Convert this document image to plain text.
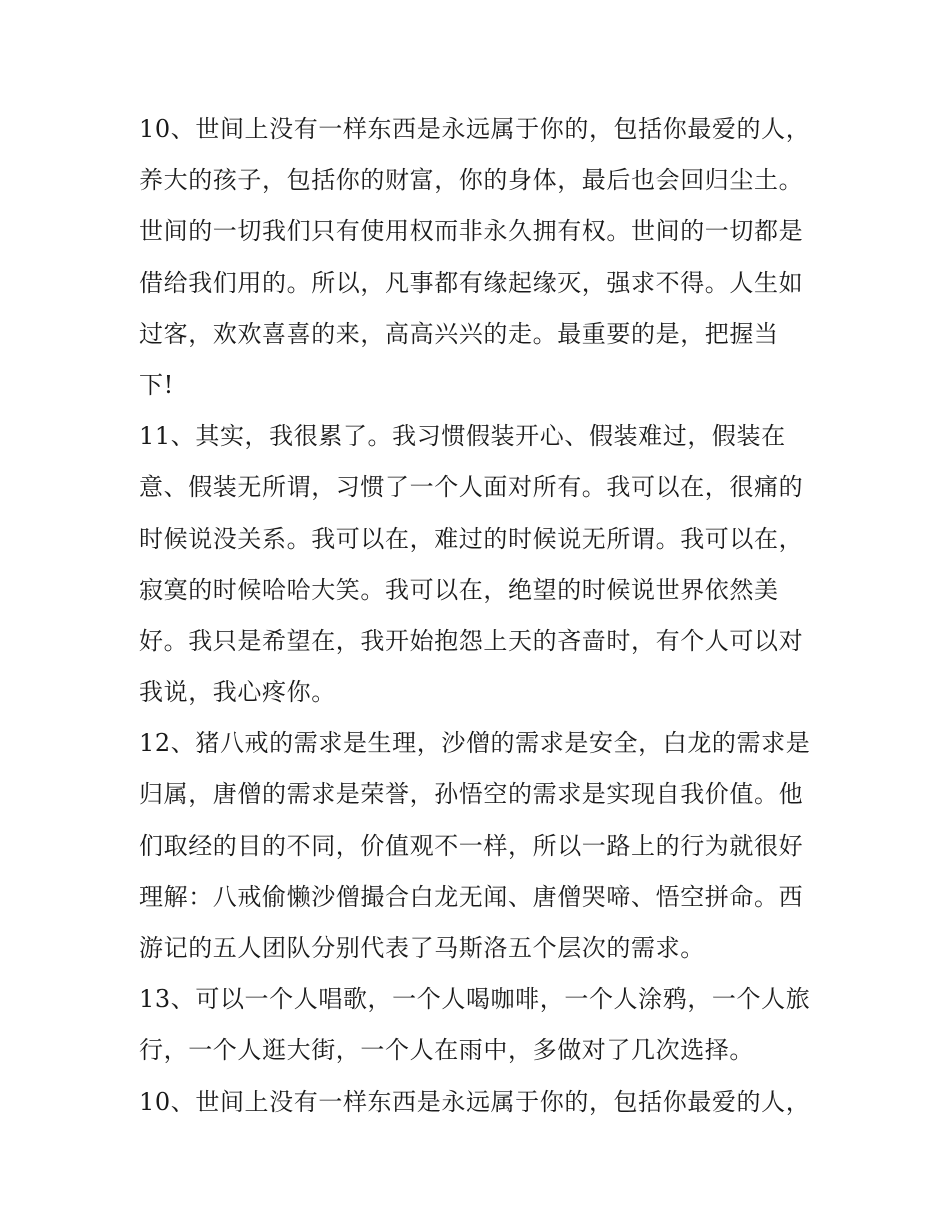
10、世间上没有一样东西是永远属于你的，包括你最爱的人，
养大的孩子，包括你的财富，你的身体，最后也会回归尘土。
世间的一切我们只有使用权而非永久拥有权。世间的一切都是
借给我们用的。所以，凡事都有缘起缘灭，强求不得。人生如
过客，欢欢喜喜的来，高高兴兴的走。最重要的是，把握当
下!
11、其实，我很累了。我习惯假装开心、假装难过，假装在
意、假装无所谓，习惯了一个人面对所有。我可以在，很痛的
时候说没关系。我可以在，难过的时候说无所谓。我可以在，
寂寞的时候哈哈大笑。我可以在，绝望的时候说世界依然美
好。我只是希望在，我开始抱怨上天的吝啬时，有个人可以对
我说，我心疼你。
12、猪八戒的需求是生理，沙僧的需求是安全，白龙的需求是
归属，唐僧的需求是荣誉，孙悟空的需求是实现自我价值。他
们取经的目的不同，价值观不一样，所以一路上的行为就很好
理解：八戒偷懒沙僧撮合白龙无闻、唐僧哭啼、悟空拼命。西
游记的五人团队分别代表了马斯洛五个层次的需求。
13、可以一个人唱歌，一个人喝咖啡，一个人涂鸦，一个人旅
行，一个人逛大街，一个人在雨中，多做对了几次选择。
10、世间上没有一样东西是永远属于你的，包括你最爱的人，
